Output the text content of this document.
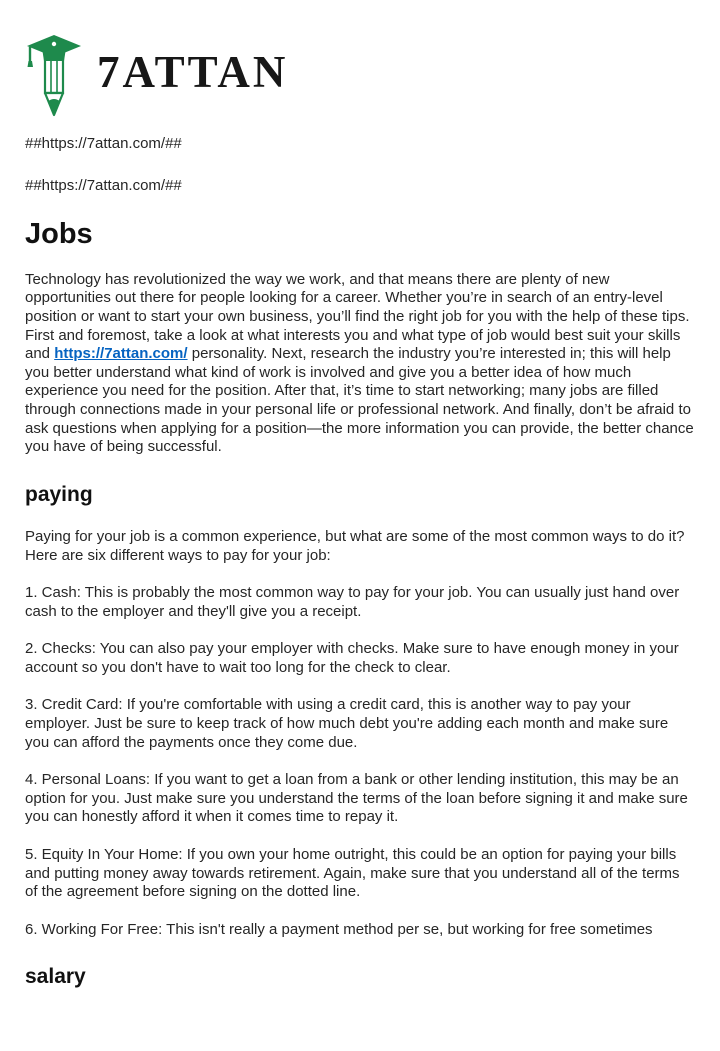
7ATTAN

##https://7attan.com/##

##https://7attan.com/##

Jobs

Technology has revolutionized the way we work, and that means there are plenty of new opportunities out there for people looking for a career. Whether you’re in search of an entry-level position or want to start your own business, you’ll find the right job for you with the help of these tips. First and foremost, take a look at what interests you and what type of job would best suit your skills and https://7attan.com/ personality. Next, research the industry you’re interested in; this will help you better understand what kind of work is involved and give you a better idea of how much experience you need for the position. After that, it’s time to start networking; many jobs are filled through connections made in your personal life or professional network. And finally, don’t be afraid to ask questions when applying for a position—the more information you can provide, the better chance you have of being successful.

paying

Paying for your job is a common experience, but what are some of the most common ways to do it? Here are six different ways to pay for your job:

1. Cash: This is probably the most common way to pay for your job. You can usually just hand over cash to the employer and they'll give you a receipt.

2. Checks: You can also pay your employer with checks. Make sure to have enough money in your account so you don't have to wait too long for the check to clear.

3. Credit Card: If you're comfortable with using a credit card, this is another way to pay your employer. Just be sure to keep track of how much debt you're adding each month and make sure you can afford the payments once they come due.

4. Personal Loans: If you want to get a loan from a bank or other lending institution, this may be an option for you. Just make sure you understand the terms of the loan before signing it and make sure you can honestly afford it when it comes time to repay it.

5. Equity In Your Home: If you own your home outright, this could be an option for paying your bills and putting money away towards retirement. Again, make sure that you understand all of the terms of the agreement before signing on the dotted line.

6. Working For Free: This isn't really a payment method per se, but working for free sometimes

salary
